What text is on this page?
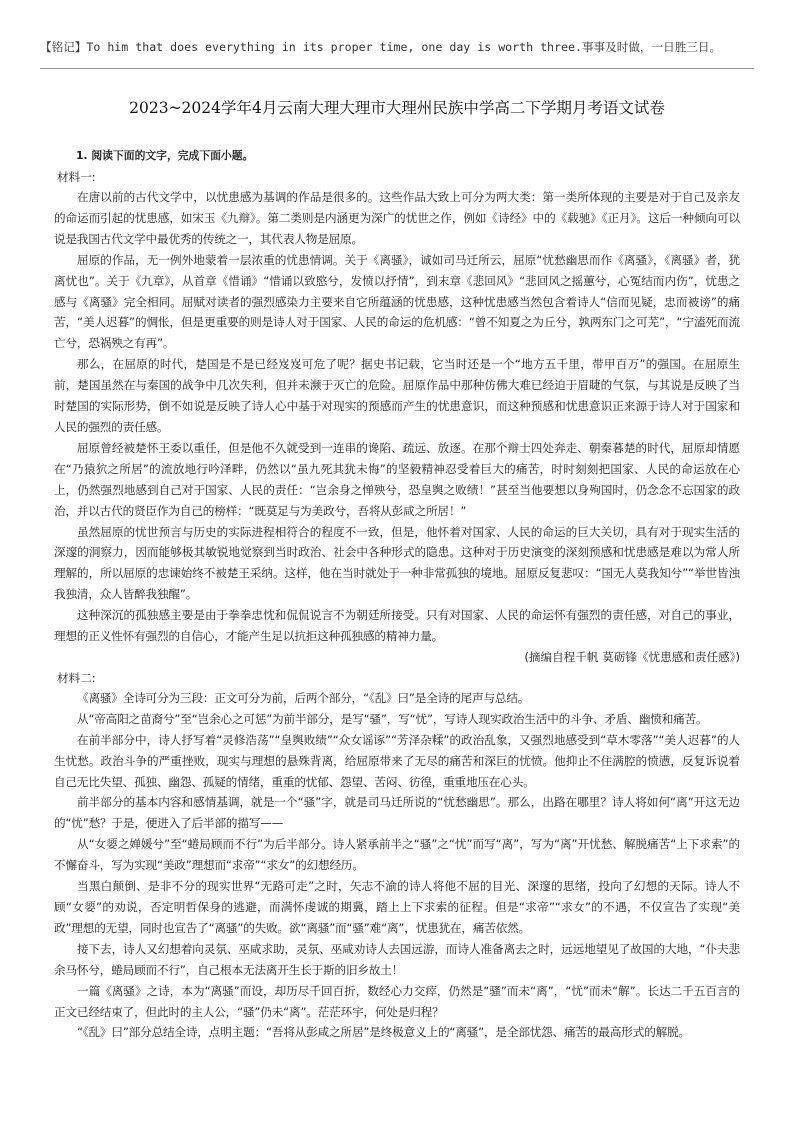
【铭记】To him that does everything in its proper time, one day is worth three.事事及时做，一日胜三日。
2023~2024学年4月云南大理大理市大理州民族中学高二下学期月考语文试卷
1. 阅读下面的文字，完成下面小题。
材料一:
在唐以前的古代文学中，以忧患感为基调的作品是很多的。这些作品大致上可分为两大类：第一类所体现的主要是对于自己及亲友的命运而引起的忧患感，如宋玉《九辩》。第二类则是内涵更为深广的忧世之作，例如《诗经》中的《载驰》《正月》。这后一种倾向可以说是我国古代文学中最优秀的传统之一，其代表人物是屈原。
屈原的作品，无一例外地蒙着一层浓重的忧患情调。关于《离骚》，诚如司马迁所云，屈原“忧愁幽思而作《离骚》，《离骚》者，犹离忧也”。关于《九章》，从首章《惜诵》“惜诵以致愍兮，发愤以抒情”，到末章《悲回风》“悲回风之摇蕙兮，心冤结而内伤”，忧患之感与《离骚》完全相同。屈赋对读者的强烈感染力主要来自它所蕴涵的忧患感，这种忧患感当然包含着诗人“信而见疑，忠而被谤”的痛苦，“美人迟暮”的惆怅，但是更重要的则是诗人对于国家、人民的命运的危机感：“曾不知夏之为丘兮，孰两东门之可芜”，“宁溘死而流亡兮，恐祸殃之有再”。
那么，在屈原的时代，楚国是不是已经岌岌可危了呢？据史书记载，它当时还是一个“地方五千里，带甲百万”的强国。在屈原生前，楚国虽然在与秦国的战争中几次失利，但并未濒于灭亡的危险。屈原作品中那种仿佛大难已经迫于眉睫的气氛，与其说是反映了当时楚国的实际形势，倒不如说是反映了诗人心中基于对现实的预感而产生的忧患意识，而这种预感和忧患意识正来源于诗人对于国家和人民的强烈的责任感。
屈原曾经被楚怀王委以重任，但是他不久就受到一连串的谗陷、疏远、放逐。在那个辩士四处奔走、朝秦暮楚的时代，屈原却情愿在“乃猿狖之所居”的流放地行吟泽畔，仍然以“虽九死其犹未悔”的坚毅精神忍受着巨大的痛苦，时时刻刻把国家、人民的命运放在心上，仍然强烈地感到自己对于国家、人民的责任：“岂余身之惮殃兮，恐皇舆之败绩！”甚至当他要想以身殉国时，仍念念不忘国家的政治，并以古代的贤臣作为自己的榜样：“既莫足与为美政兮，吾将从彭咸之所居！”
虽然屈原的忧世预言与历史的实际进程相符合的程度不一致，但是，他怀着对国家、人民的命运的巨大关切，具有对于现实生活的深邃的洞察力，因而能够极其敏锐地觉察到当时政治、社会中各种形式的隐患。这种对于历史演变的深刻预感和忧患感是难以为常人所理解的，所以屈原的忠谏始终不被楚王采纳。这样，他在当时就处于一种非常孤独的境地。屈原反复悲叹：“国无人莫我知兮”“举世皆浊我独清，众人皆醉我独醒”。
这种深沉的孤独感主要是由于拳拳忠忱和侃侃说言不为朝廷所接受。只有对国家、人民的命运怀有强烈的责任感，对自己的事业，理想的正义性怀有强烈的自信心，才能产生足以抗拒这种孤独感的精神力量。
(摘编自程千帆 莫砺锋《忧患感和责任感》)
材料二:
《离骚》全诗可分为三段：正文可分为前，后两个部分，“《乱》曰”是全诗的尾声与总结。
从“帝高阳之苗裔兮”至“岂余心之可惩”为前半部分，是写“骚”，写“忧”，写诗人现实政治生活中的斗争、矛盾、幽愤和痛苦。
在前半部分中，诗人抒写着“灵修浩荡”“皇舆败绩”“众女谣诼”“芳泽杂糅”的政治乱象，又强烈地感受到“草木零落”“美人迟暮”的人生忧愁。政治斗争的严重挫败，现实与理想的悬殊背离，给屈原带来了无尽的痛苦和深巨的忧愤。他抑止不住满腔的愤懑，反复诉说着自己无比失望、孤独、幽怨、孤疑的情绪，重重的忧郁、怨望、苦闷、彷徨，重重地压在心头。
前半部分的基本内容和感情基调，就是一个“骚”字，就是司马迁所说的“忧愁幽思”。那么，出路在哪里？诗人将如何“离”开这无边的“忧”愁？于是，便进入了后半部的描写——
从“女媭之婵媛兮”至“蜷局顾而不行”为后半部分。诗人紧承前半之“骚”之“忧”而写“离”，写为“离”开忧愁、解脱痛苦“上下求索”的不懈奋斗，写为实现“美政”理想而“求帝”“求女”的幻想经历。
当黑白颠倒、是非不分的现实世界“无路可走”之时，矢志不渝的诗人将他不屈的目光、深邃的思绪，投向了幻想的天际。诗人不顾“女媭”的劝说，否定明哲保身的逃避，而满怀虔诚的期冀，踏上上下求索的征程。但是“求帝”“求女”的不遇，不仅宣告了实现“美政”理想的无望，同时也宣告了“离骚”的失败。欲“离骚”而“骚”难“离”，忧患犹在，痛苦依然。
接下去，诗人又幻想着向灵氛、巫咸求助，灵氛、巫咸劝诗人去国远游，而诗人准备离去之时，远远地望见了故国的大地，“仆夫悲余马怀兮，蜷局顾而不行”，自己根本无法离开生长于斯的旧乡故土！
一篇《离骚》之诗，本为“离骚”而设，却历尽千回百折，数经心力交瘁，仍然是“骚”而未“离”，“忧”而未“解”。长达二千五百言的正文已经结束了，但此时的主人公，“骚”仍未“离”。茫茫环宇，何处是归程？
“《乱》曰”部分总结全诗，点明主题：“吾将从彭咸之所居”是终极意义上的“离骚”，是全部忧怨、痛苦的最高形式的解脱。
